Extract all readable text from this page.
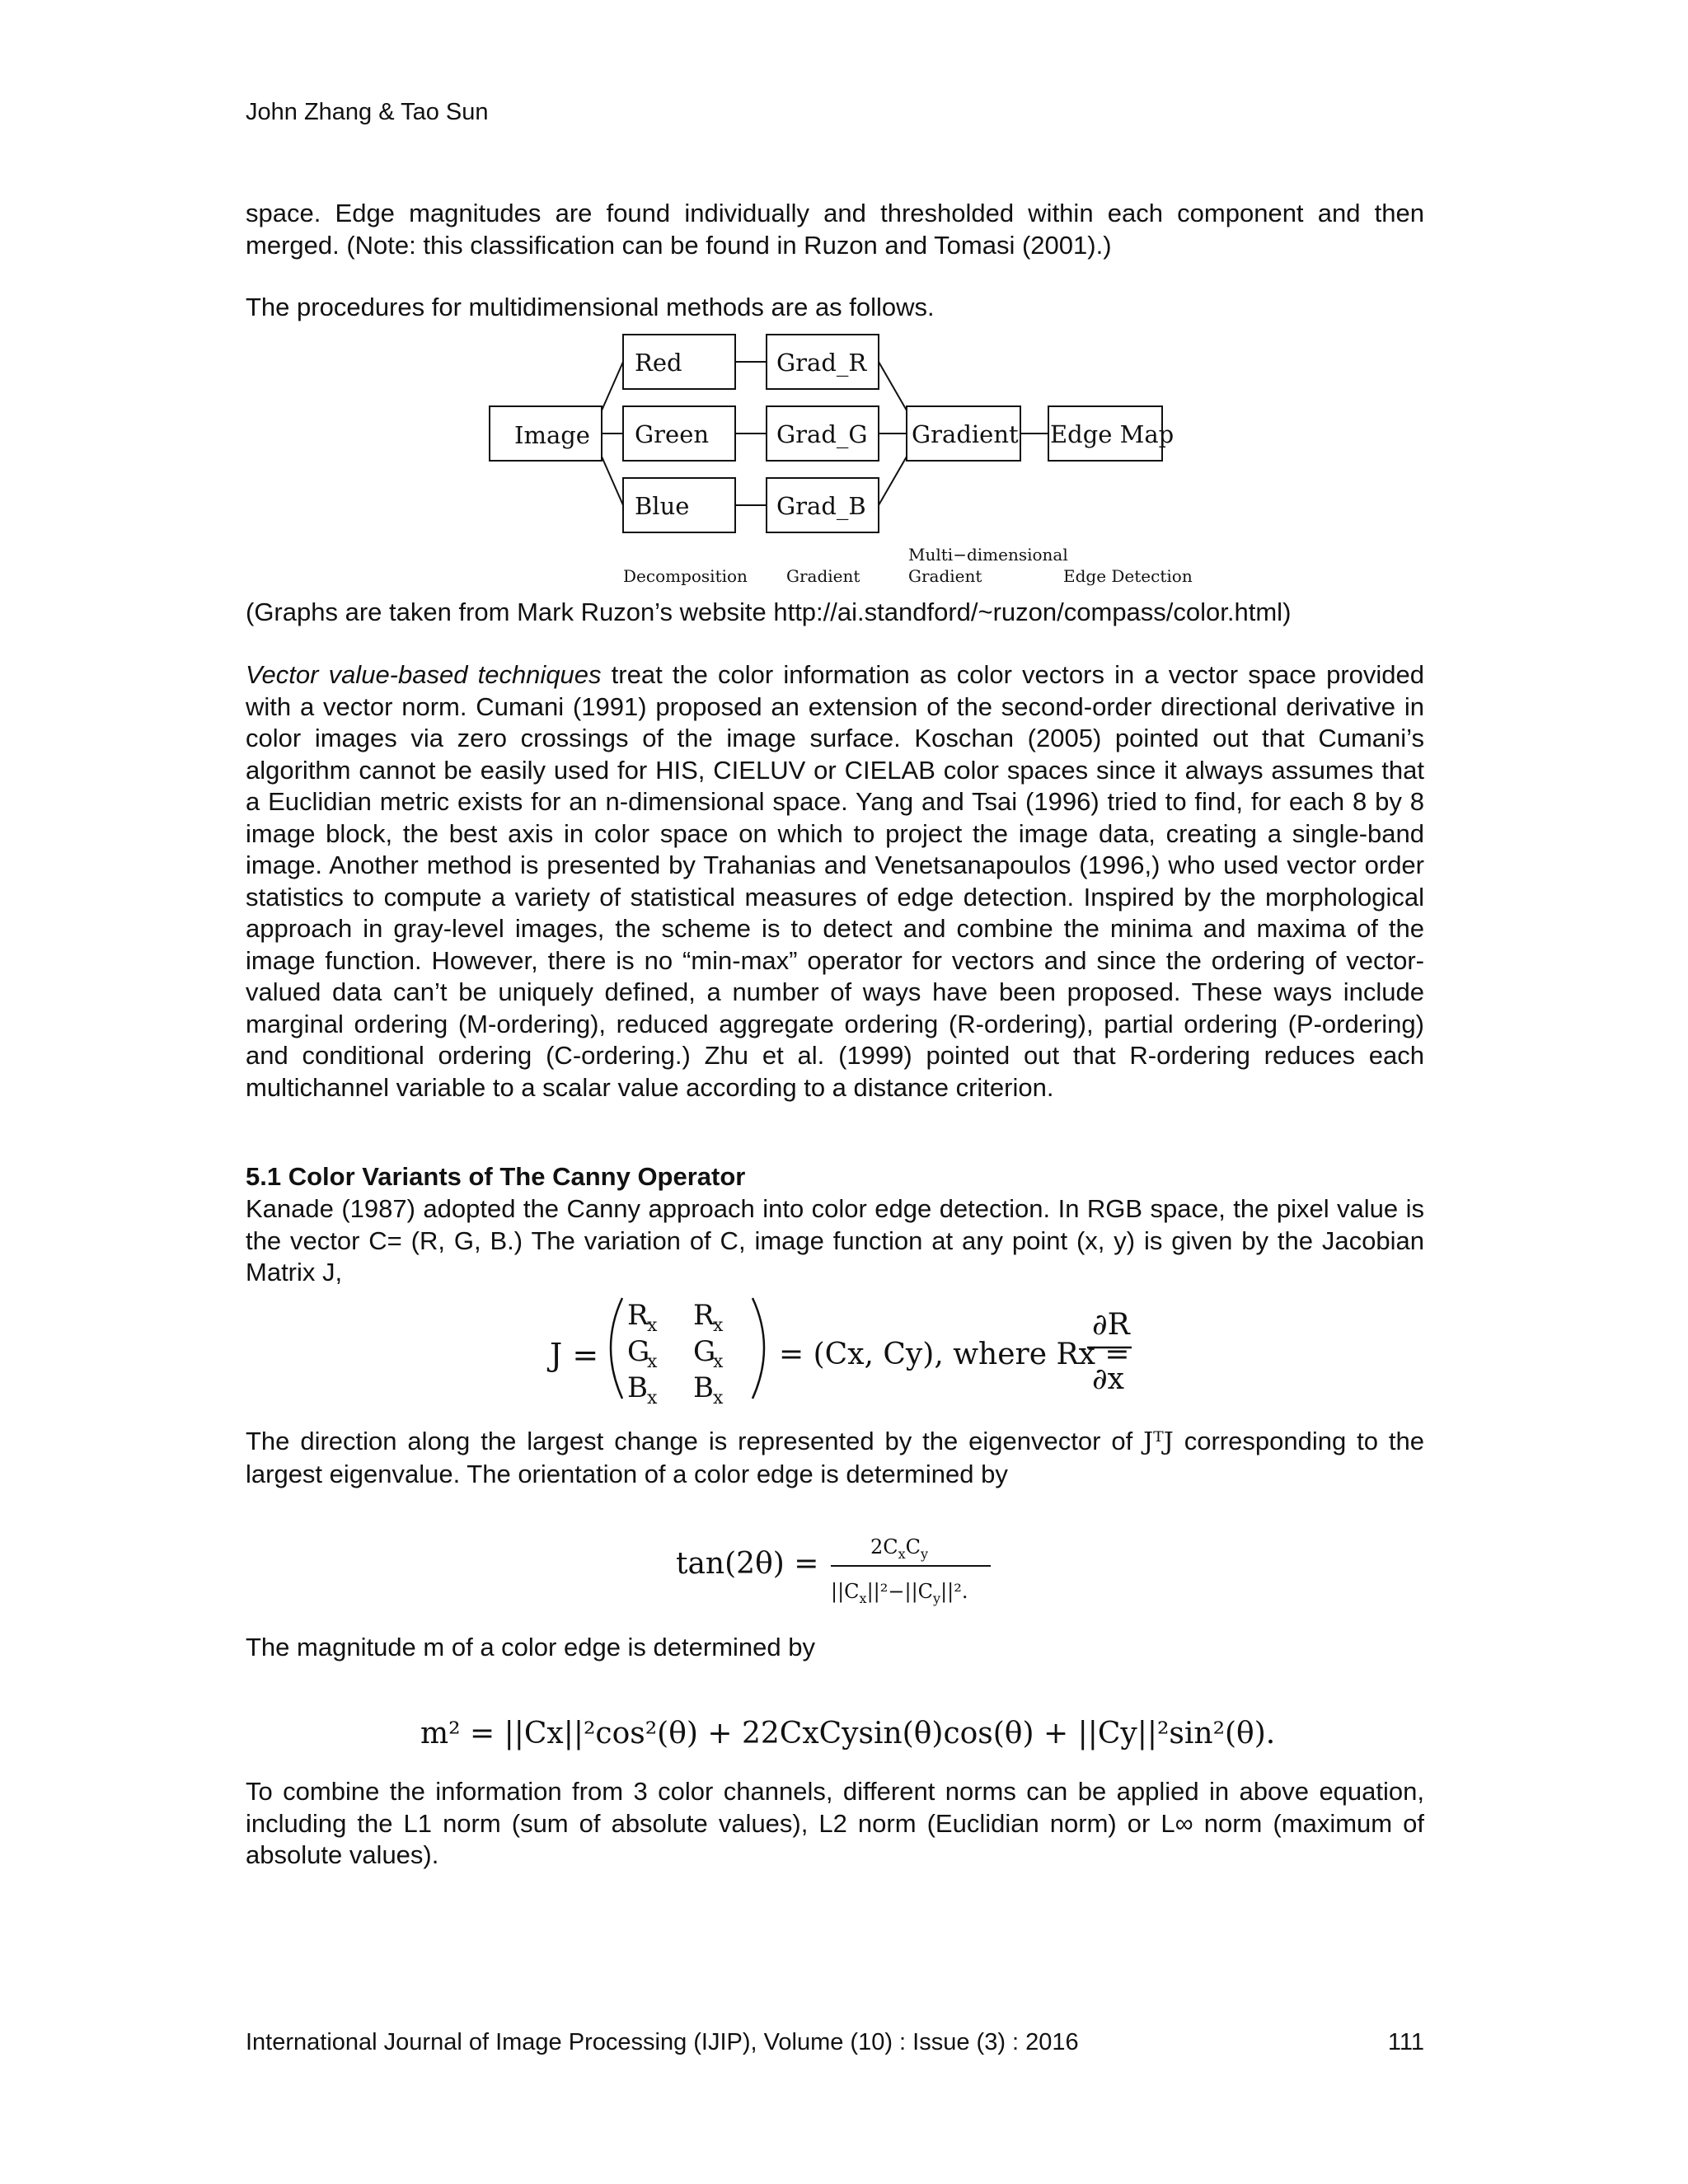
John Zhang & Tao Sun
space. Edge magnitudes are found individually and thresholded within each component and then merged. (Note: this classification can be found in Ruzon and Tomasi (2001).)
The procedures for multidimensional methods are as follows.
Image
Red
Green
Blue
Grad_R
Grad_G
Grad_B
Gradient Edge Map
Decomposition Gradient
Multi−dimensional
Gradient	Edge Detection
(Graphs are taken from Mark Ruzon’s website http://ai.standford/~ruzon/compass/color.html)
Vector value-based techniques treat the color information as color vectors in a vector space provided with a vector norm. Cumani (1991) proposed an extension of the second-order directional derivative in color images via zero crossings of the image surface. Koschan (2005) pointed out that Cumani’s algorithm cannot be easily used for HIS, CIELUV or CIELAB color spaces since it always assumes that a Euclidian metric exists for an n-dimensional space. Yang and Tsai (1996) tried to find, for each 8 by 8 image block, the best axis in color space on which to project the image data, creating a single-band image. Another method is presented by Trahanias and Venetsanapoulos (1996,) who used vector order statistics to compute a variety of statistical measures of edge detection. Inspired by the morphological approach in gray-level images, the scheme is to detect and combine the minima and maxima of the image function. However, there is no “min-max” operator for vectors and since the ordering of vector-valued data can’t be uniquely defined, a number of ways have been proposed. These ways include marginal ordering (M-ordering), reduced aggregate ordering (R-ordering), partial ordering (P-ordering) and conditional ordering (C-ordering.) Zhu et al. (1999) pointed out that R-ordering reduces each multichannel variable to a scalar value according to a distance criterion.
5.1 Color Variants of The Canny Operator
Kanade (1987) adopted the Canny approach into color edge detection. In RGB space, the pixel value is the vector C= (R, G, B.) The variation of C, image function at any point (x, y) is given by the Jacobian Matrix J,
J =
R
x R
x
G
x G
x
B x B x
= (Cx, Cy), where Rx =
∂R
∂x
The direction along the largest change is represented by the eigenvector of JᵀJ corresponding to the largest eigenvalue. The orientation of a color edge is determined by
tan(2θ) =	$2C_xC_y$
$||C_x||^2-||C_y||^2$.
The magnitude m of a color edge is determined by
m² = ||Cx||²cos²(θ) + 22CxCysin(θ)cos(θ) + ||Cy||²sin²(θ).
To combine the information from 3 color channels, different norms can be applied in above equation, including the L1 norm (sum of absolute values), L2 norm (Euclidian norm) or L∞ norm (maximum of absolute values).
International Journal of Image Processing (IJIP), Volume (10) : Issue (3) : 2016	111
